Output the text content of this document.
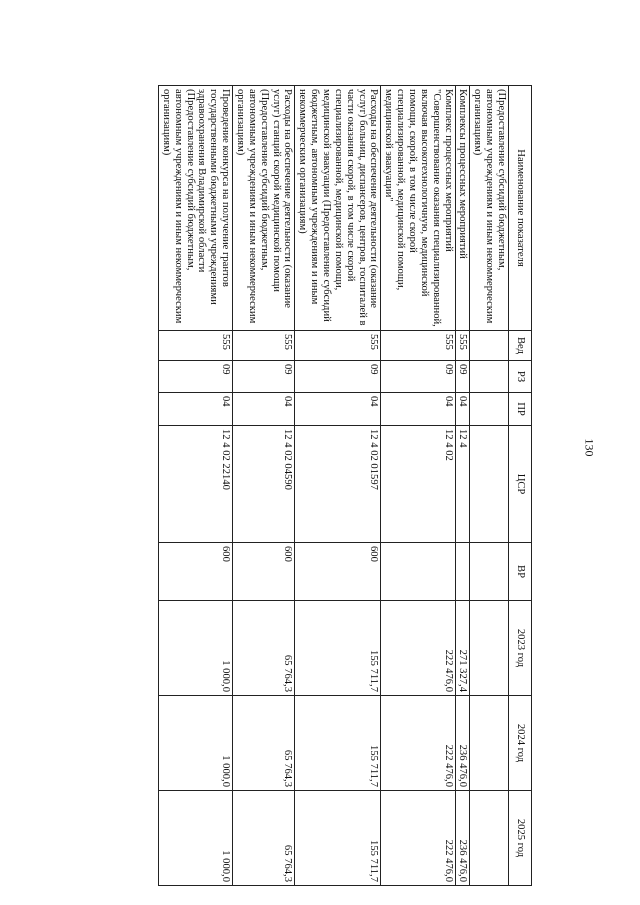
130
Наименование показателя	Вед	РЗ	ПР	ЦСР	ВР	2023 год	2024 год	2025 год
(Предоставление субсидий бюджетным, автономным учреждениям и иным некоммерческим организациям)								
Комплексы процессных мероприятий	555	09	04	12 4		271 327,4	236 476,0	236 476,0
Комплекс процессных мероприятий "Совершенствование оказания специализированной, включая высокотехнологичную, медицинской помощи, скорой, в том числе скорой специализированной, медицинской помощи, медицинской эвакуации"	555	09	04	12 4 02		222 476,0	222 476,0	222 476,0
Расходы на обеспечение деятельности (оказание услуг) больниц, диспансеров, центров, госпиталей в части оказания скорой, в том числе скорой специализированной, медицинской помощи, медицинской эвакуации (Предоставление субсидий бюджетным, автономным учреждениям и иным некоммерческим организациям)	555	09	04	12 4 02 01597	600	155 711,7	155 711,7	155 711,7
Расходы на обеспечение деятельности (оказание услуг) станций скорой медицинской помощи (Предоставление субсидий бюджетным, автономным учреждениям и иным некоммерческим организациям)	555	09	04	12 4 02 04590	600	65 764,3	65 764,3	65 764,3
Проведение конкурса на получение грантов государственными бюджетными учреждениями здравоохранения Владимирской области (Предоставление субсидий бюджетным, автономным учреждениям и иным некоммерческим организациям)	555	09	04	12 4 02 22140	600	1 000,0	1 000,0	1 000,0
